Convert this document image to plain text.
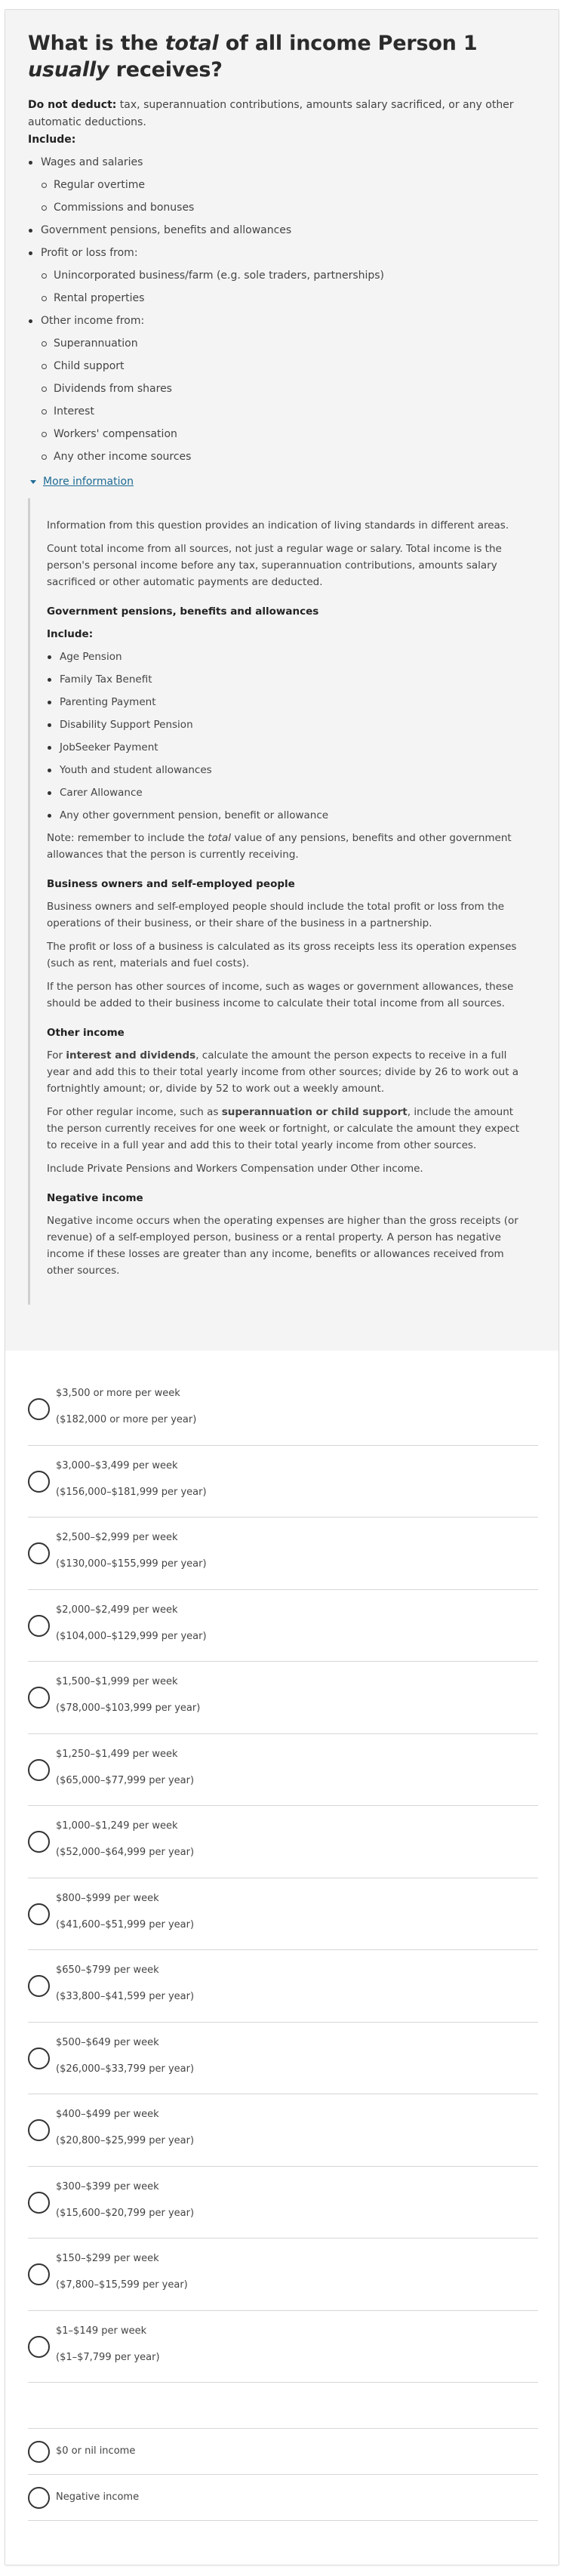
What is the total of all income Person 1 usually receives?

Do not deduct: tax, superannuation contributions, amounts salary sacrificed, or any other automatic deductions.
Include:

Wages and salaries
Regular overtime
Commissions and bonuses
Government pensions, benefits and allowances
Profit or loss from:
Unincorporated business/farm (e.g. sole traders, partnerships)
Rental properties
Other income from:
Superannuation
Child support
Dividends from shares
Interest
Workers' compensation
Any other income sources
More information

Information from this question provides an indication of living standards in different areas.

Count total income from all sources, not just a regular wage or salary. Total income is the person's personal income before any tax, superannuation contributions, amounts salary sacrificed or other automatic payments are deducted.

Government pensions, benefits and allowances
Include:
Age Pension
Family Tax Benefit
Parenting Payment
Disability Support Pension
JobSeeker Payment
Youth and student allowances
Carer Allowance
Any other government pension, benefit or allowance

Note: remember to include the total value of any pensions, benefits and other government allowances that the person is currently receiving.

Business owners and self-employed people

Business owners and self-employed people should include the total profit or loss from the operations of their business, or their share of the business in a partnership.

The profit or loss of a business is calculated as its gross receipts less its operation expenses (such as rent, materials and fuel costs).

If the person has other sources of income, such as wages or government allowances, these should be added to their business income to calculate their total income from all sources.

Other income

For interest and dividends, calculate the amount the person expects to receive in a full year and add this to their total yearly income from other sources; divide by 26 to work out a fortnightly amount; or, divide by 52 to work out a weekly amount.

For other regular income, such as superannuation or child support, include the amount the person currently receives for one week or fortnight, or calculate the amount they expect to receive in a full year and add this to their total yearly income from other sources.

Include Private Pensions and Workers Compensation under Other income.

Negative income

Negative income occurs when the operating expenses are higher than the gross receipts (or revenue) of a self-employed person, business or a rental property. A person has negative income if these losses are greater than any income, benefits or allowances received from other sources.

$3,500 or more per week
($182,000 or more per year)
$3,000–$3,499 per week
($156,000–$181,999 per year)
$2,500–$2,999 per week
($130,000–$155,999 per year)
$2,000–$2,499 per week
($104,000–$129,999 per year)
$1,500–$1,999 per week
($78,000–$103,999 per year)
$1,250–$1,499 per week
($65,000–$77,999 per year)
$1,000–$1,249 per week
($52,000–$64,999 per year)
$800–$999 per week
($41,600–$51,999 per year)
$650–$799 per week
($33,800–$41,599 per year)
$500–$649 per week
($26,000–$33,799 per year)
$400–$499 per week
($20,800–$25,999 per year)
$300–$399 per week
($15,600–$20,799 per year)
$150–$299 per week
($7,800–$15,599 per year)
$1–$149 per week
($1–$7,799 per year)
$0 or nil income
Negative income
